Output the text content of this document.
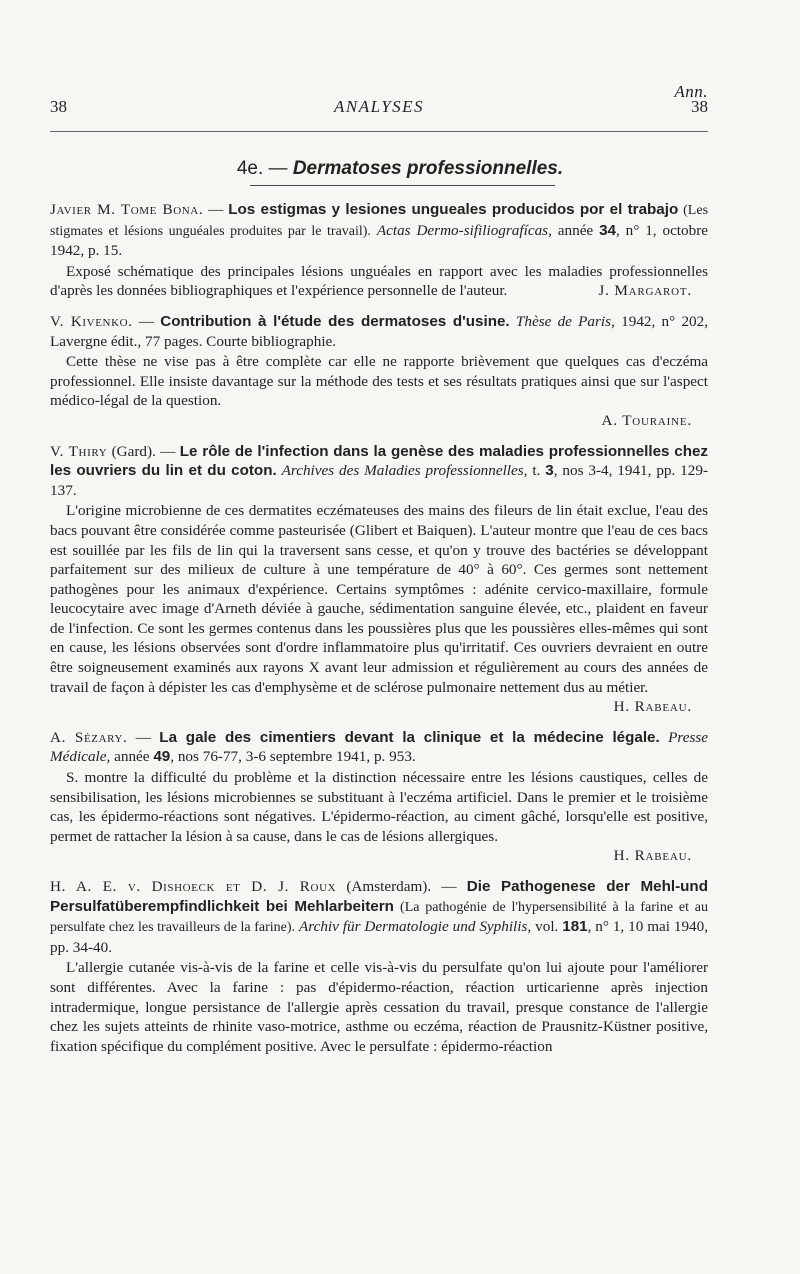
Ann.
38	ANALYSES	38
4e. — Dermatoses professionnelles.
Javier M. Tome Bona. — Los estigmas y lesiones ungueales producidos por el trabajo (Les stigmates et lésions unguéales produites par le travail). Actas Dermo-sifiliografícas, année 34, n° 1, octobre 1942, p. 15.

Exposé schématique des principales lésions unguéales en rapport avec les maladies professionnelles d'après les données bibliographiques et l'expérience personnelle de l'auteur.	J. Margarot.

V. Kivenko. — Contribution à l'étude des dermatoses d'usine. Thèse de Paris, 1942, n° 202, Lavergne édit., 77 pages. Courte bibliographie.

Cette thèse ne vise pas à être complète car elle ne rapporte brièvement que quelques cas d'eczéma professionnel. Elle insiste davantage sur la méthode des tests et ses résultats pratiques ainsi que sur l'aspect médico-légal de la question.

A. Touraine.
V. Thiry (Gard). — Le rôle de l'infection dans la genèse des maladies professionnelles chez les ouvriers du lin et du coton. Archives des Maladies professionnelles, t. 3, nos 3-4, 1941, pp. 129-137.

L'origine microbienne de ces dermatites eczémateuses des mains des fileurs de lin était exclue, l'eau des bacs pouvant être considérée comme pasteurisée (Glibert et Baiquen). L'auteur montre que l'eau de ces bacs est souillée par les fils de lin qui la traversent sans cesse, et qu'on y trouve des bactéries se développant parfaitement sur des milieux de culture à une température de 40° à 60°. Ces germes sont nettement pathogènes pour les animaux d'expérience. Certains symptômes : adénite cervico-maxillaire, formule leucocytaire avec image d'Arneth déviée à gauche, sédimentation sanguine élevée, etc., plaident en faveur de l'infection. Ce sont les germes contenus dans les poussières plus que les poussières elles-mêmes qui sont en cause, les lésions observées sont d'ordre inflammatoire plus qu'irritatif. Ces ouvriers devraient en outre être soigneusement examinés aux rayons X avant leur admission et régulièrement au cours des années de travail de façon à dépister les cas d'emphysème et de sclérose pulmonaire nettement dus au métier.

H. Rabeau.
A. Sézary. — La gale des cimentiers devant la clinique et la médecine légale. Presse Médicale, année 49, nos 76-77, 3-6 septembre 1941, p. 953.

S. montre la difficulté du problème et la distinction nécessaire entre les lésions caustiques, celles de sensibilisation, les lésions microbiennes se substituant à l'eczéma artificiel. Dans le premier et le troisième cas, les épidermo-réactions sont négatives. L'épidermo-réaction, au ciment gâché, lorsqu'elle est positive, permet de rattacher la lésion à sa cause, dans le cas de lésions allergiques.

H. Rabeau.
H. A. E. v. Dishoeck et D. J. Roux (Amsterdam). — Die Pathogenese der Mehl-und Persulfatüberempfindlichkeit bei Mehlarbeitern (La pathogénie de l'hypersensibilité à la farine et au persulfate chez les travailleurs de la farine). Archiv für Dermatologie und Syphilis, vol. 181, n° 1, 10 mai 1940, pp. 34-40.

L'allergie cutanée vis-à-vis de la farine et celle vis-à-vis du persulfate qu'on lui ajoute pour l'améliorer sont différentes. Avec la farine : pas d'épidermo-réaction, réaction urticarienne après injection intradermique, longue persistance de l'allergie après cessation du travail, presque constance de l'allergie chez les sujets atteints de rhinite vaso-motrice, asthme ou eczéma, réaction de Prausnitz-Küstner positive, fixation spécifique du complément positive. Avec le persulfate : épidermo-réaction
